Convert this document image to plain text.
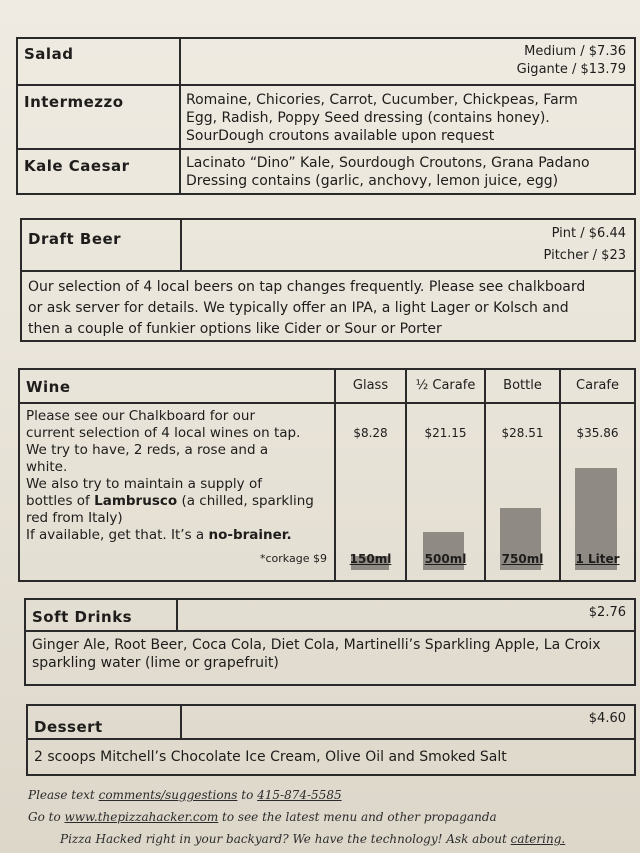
Salad	Medium / $7.36
Gigante / $13.79
Intermezzo	Romaine, Chicories, Carrot, Cucumber, Chickpeas, Farm
Egg, Radish, Poppy Seed dressing (contains honey).
SourDough croutons available upon request
Kale Caesar	Lacinato “Dino” Kale, Sourdough Croutons, Grana Padano
Dressing contains (garlic, anchovy, lemon juice, egg)
Draft Beer	Pint / $6.44
Pitcher / $23
Our selection of 4 local beers on tap changes frequently. Please see chalkboard
or ask server for details. We typically offer an IPA, a light Lager or Kolsch and
then a couple of funkier options like Cider or Sour or Porter
Wine	Glass	½ Carafe	Bottle	Carafe
$8.28	$21.15	$28.51	$35.86
150ml	500ml	750ml	1 Liter
Please see our Chalkboard for our
current selection of 4 local wines on tap.
We try to have, 2 reds, a rose and a
white.
We also try to maintain a supply of
bottles of Lambrusco (a chilled, sparkling
red from Italy)
If available, get that. It’s a no-brainer.
*corkage $9
Soft Drinks	$2.76
Ginger Ale, Root Beer, Coca Cola, Diet Cola, Martinelli’s Sparkling Apple, La Croix
sparkling water (lime or grapefruit)
Dessert	$4.60
2 scoops Mitchell’s Chocolate Ice Cream, Olive Oil and Smoked Salt
Please text comments/suggestions to 415-874-5585
Go to www.thepizzahacker.com to see the latest menu and other propaganda
Pizza Hacked right in your backyard? We have the technology! Ask about catering.
